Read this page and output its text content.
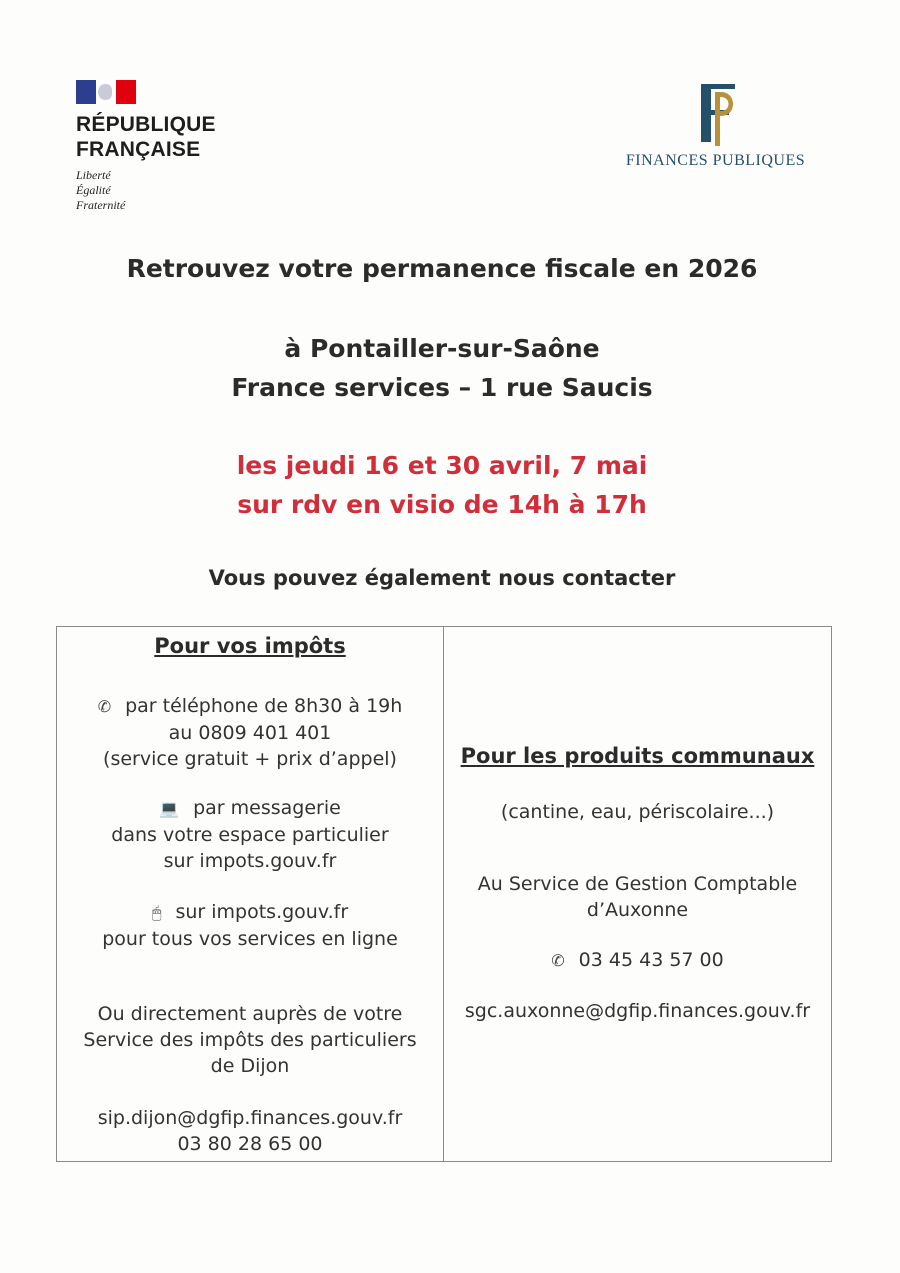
RÉPUBLIQUE
FRANÇAISE
Liberté
Égalité
Fraternité
FINANCES PUBLIQUES
Retrouvez votre permanence fiscale en 2026
à Pontailler-sur-Saône
France services – 1 rue Saucis
les jeudi 16 et 30 avril, 7 mai
sur rdv en visio de 14h à 17h
Vous pouvez également nous contacter
Pour vos impôts
✆ par téléphone de 8h30 à 19h
au 0809 401 401
(service gratuit + prix d’appel)
💻 par messagerie
dans votre espace particulier
sur impots.gouv.fr
🖱 sur impots.gouv.fr
pour tous vos services en ligne
Ou directement auprès de votre
Service des impôts des particuliers
de Dijon
sip.dijon@dgfip.finances.gouv.fr
03 80 28 65 00
Pour les produits communaux
(cantine, eau, périscolaire...)
Au Service de Gestion Comptable
d’Auxonne
✆ 03 45 43 57 00
sgc.auxonne@dgfip.finances.gouv.fr
